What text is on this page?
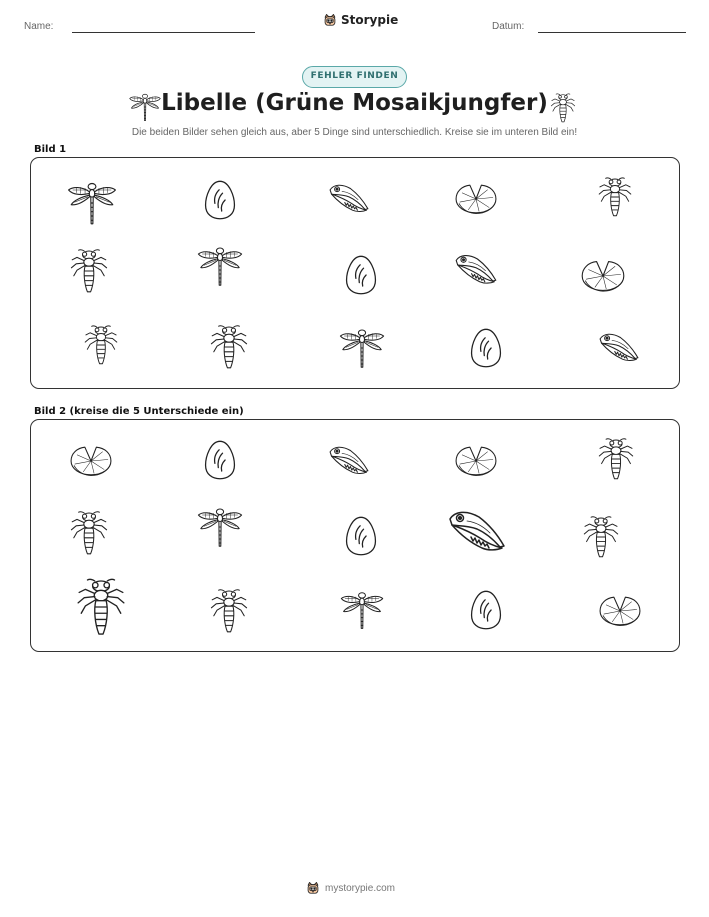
Name:	Storypie	Datum:
FEHLER FINDEN
Libelle (Grüne Mosaikjungfer)
Die beiden Bilder sehen gleich aus, aber 5 Dinge sind unterschiedlich. Kreise sie im unteren Bild ein!
Bild 1
Bild 2 (kreise die 5 Unterschiede ein)
mystorypie.com
